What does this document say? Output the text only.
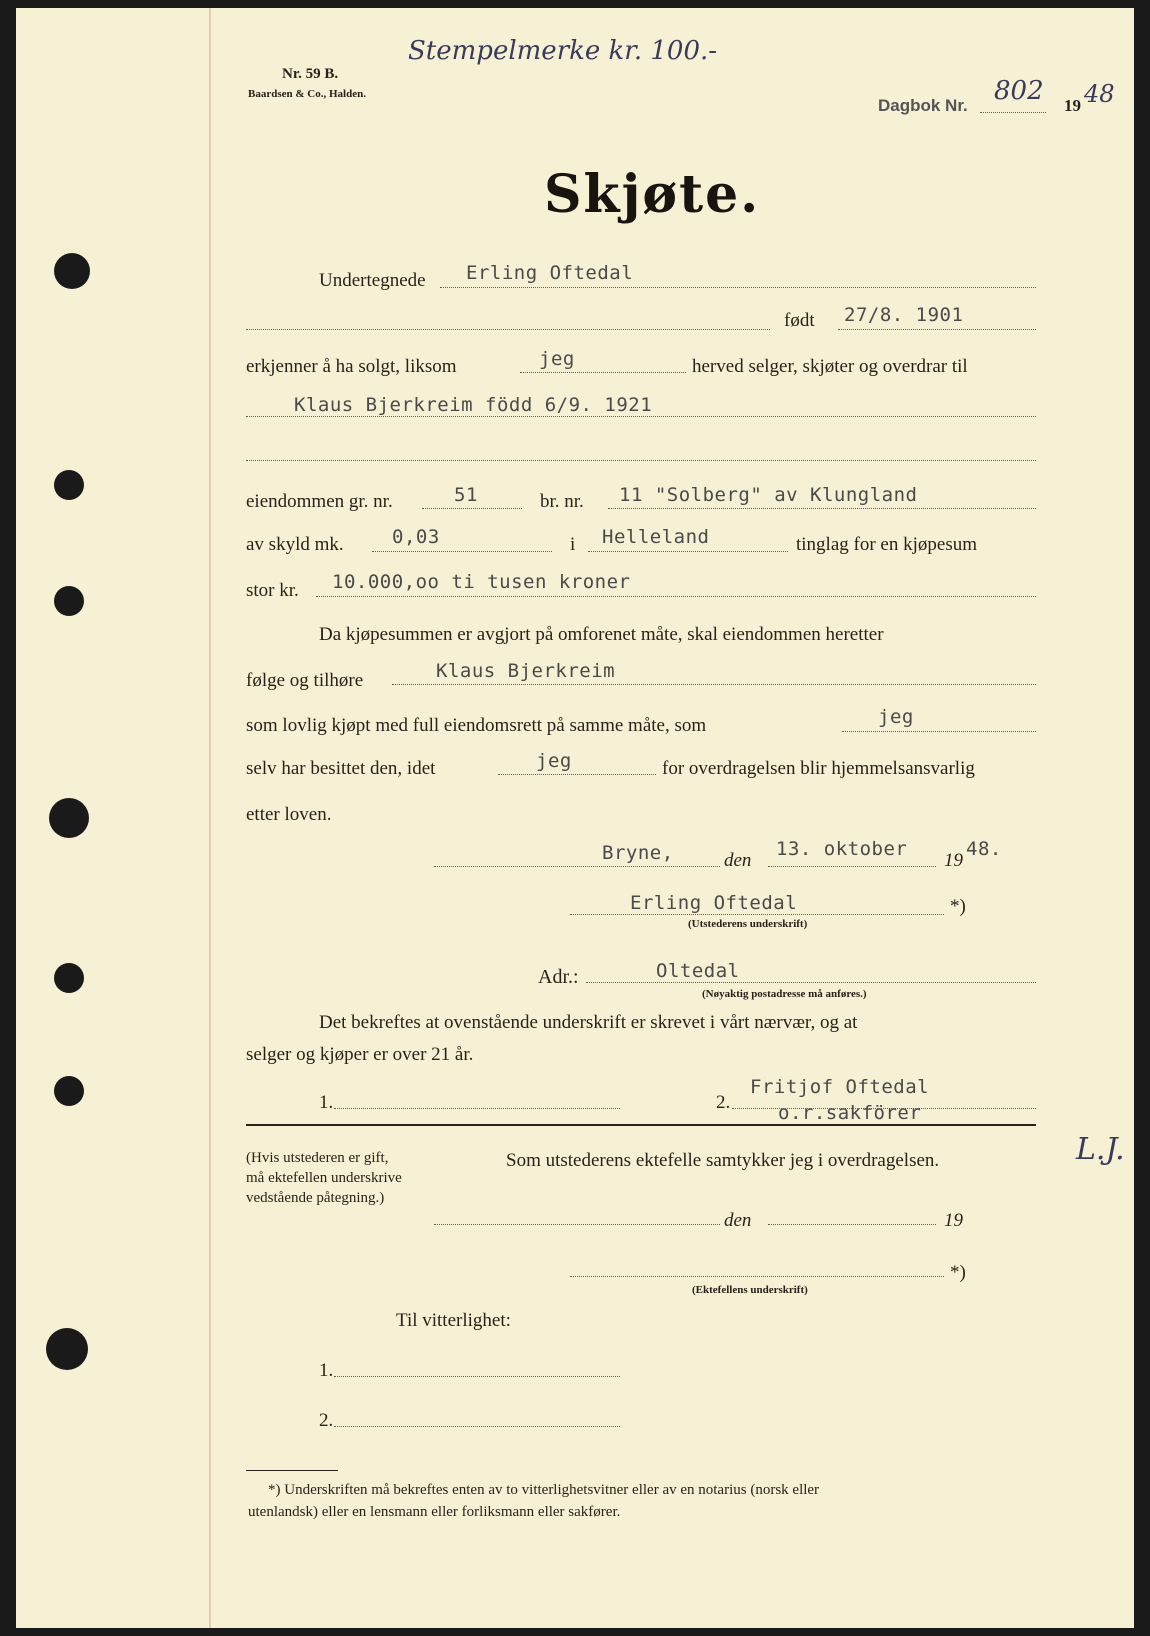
Nr. 59 B.
Baardsen & Co., Halden.
Stempelmerke kr. 100.-
Dagbok Nr. 802 19 48
Skjøte.
Undertegnede Erling Oftedal
født 27/8. 1901
erkjenner å ha solgt, liksom	jeg	herved selger, skjøter og overdrar til
Klaus Bjerkreim född 6/9. 1921
eiendommen gr. nr.	51	br. nr. 11 "Solberg" av Klungland
av skyld mk.	0,03	i Helleland	tinglag for en kjøpesum
stor kr. 10.000,oo ti tusen kroner
Da kjøpesummen er avgjort på omforenet måte, skal eiendommen heretter
følge og tilhøre	Klaus Bjerkreim
som lovlig kjøpt med full eiendomsrett på samme måte, som	jeg
selv har besittet den, idet	jeg	for overdragelsen blir hjemmelsansvarlig
etter loven.
Bryne,	den
13. oktober
19
48.
Erling Oftedal	*)
(Utstederens underskrift)
Adr.:	Oltedal
(Nøyaktig postadresse må anføres.)
Det bekreftes at ovenstående underskrift er skrevet i vårt nærvær, og at
selger og kjøper er over 21 år.
1.	2.
Fritjof Oftedal
o.r.sakförer
L.J.
(Hvis utstederen er gift,
må ektefellen underskrive
vedstående påtegning.)
Som utstederens ektefelle samtykker jeg i overdragelsen.
den	19
*)
(Ektefellens underskrift)
Til vitterlighet:
1.
2.
*) Underskriften må bekreftes enten av to vitterlighetsvitner eller av en notarius (norsk eller
utenlandsk) eller en lensmann eller forliksmann eller sakfører.
